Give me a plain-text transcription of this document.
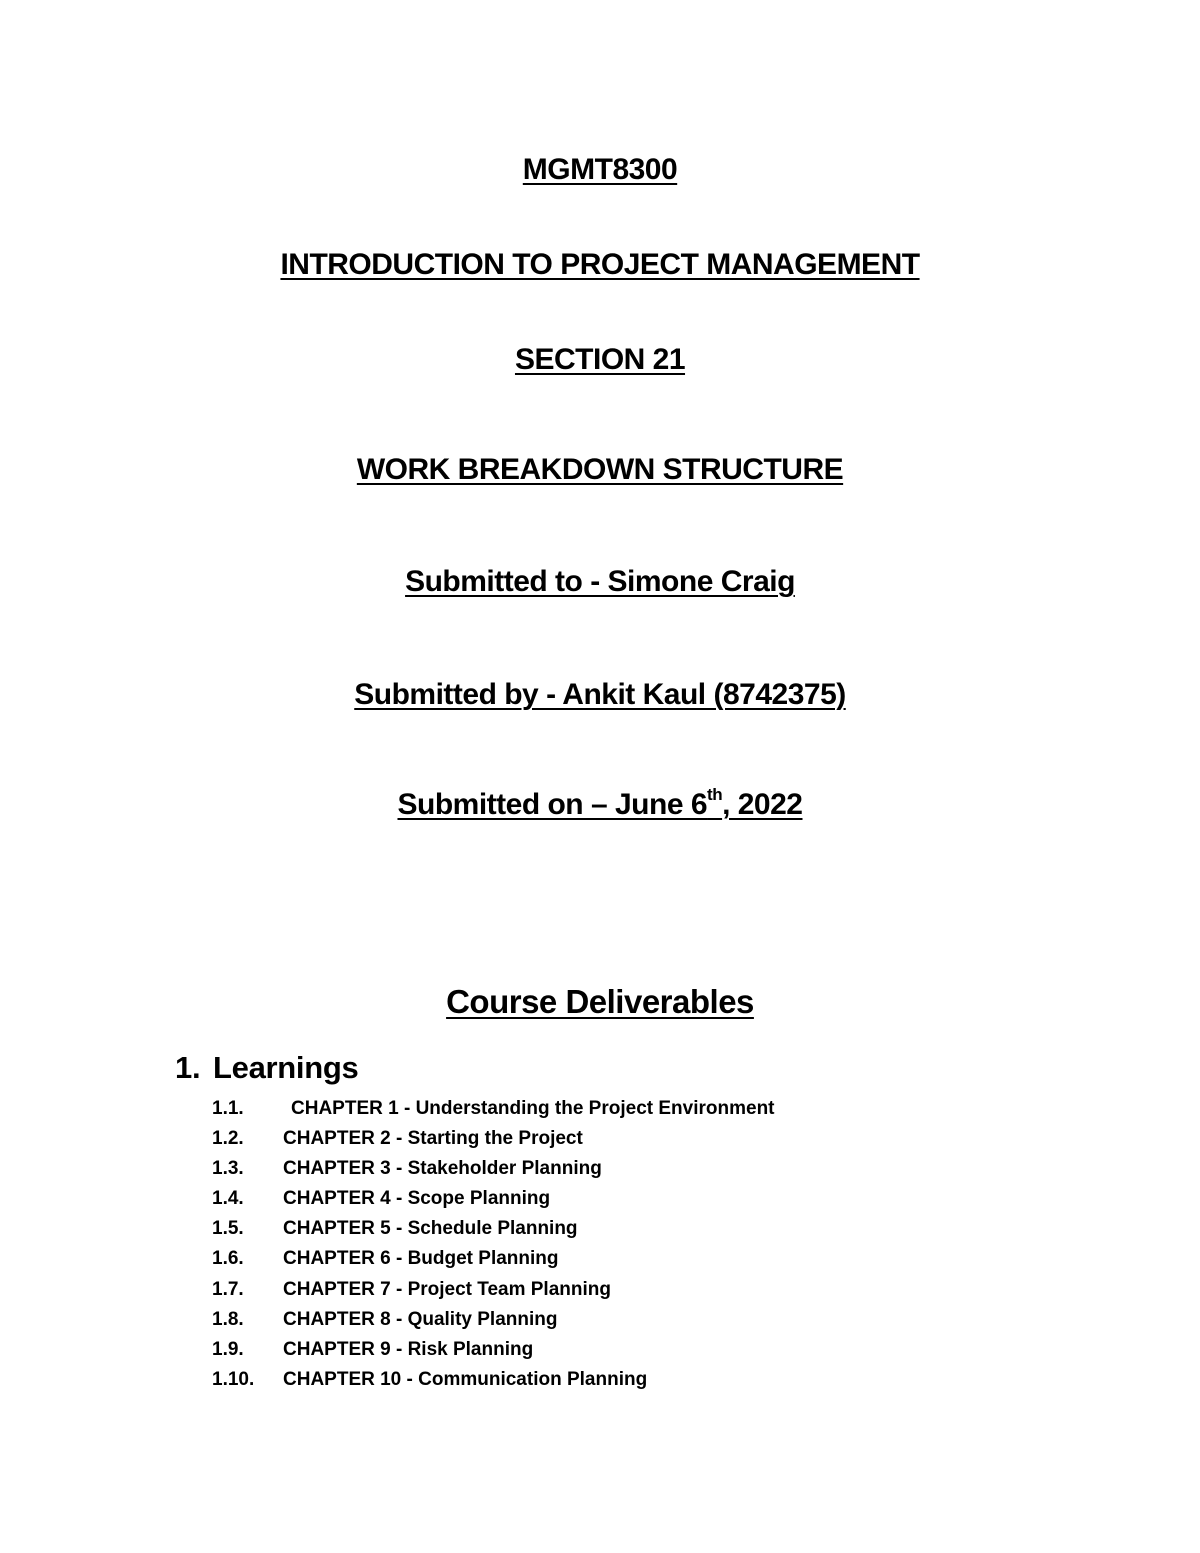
MGMT8300
INTRODUCTION TO PROJECT MANAGEMENT
SECTION 21
WORK BREAKDOWN STRUCTURE
Submitted to - Simone Craig
Submitted by - Ankit Kaul (8742375)
Submitted on – June 6th, 2022
Course Deliverables
1. Learnings
1.1.	CHAPTER 1 - Understanding the Project Environment
1.2.	CHAPTER 2 - Starting the Project
1.3.	CHAPTER 3 - Stakeholder Planning
1.4.	CHAPTER 4 - Scope Planning
1.5.	CHAPTER 5 - Schedule Planning
1.6.	CHAPTER 6 - Budget Planning
1.7.	CHAPTER 7 - Project Team Planning
1.8.	CHAPTER 8 - Quality Planning
1.9.	CHAPTER 9 - Risk Planning
1.10.	CHAPTER 10 - Communication Planning
